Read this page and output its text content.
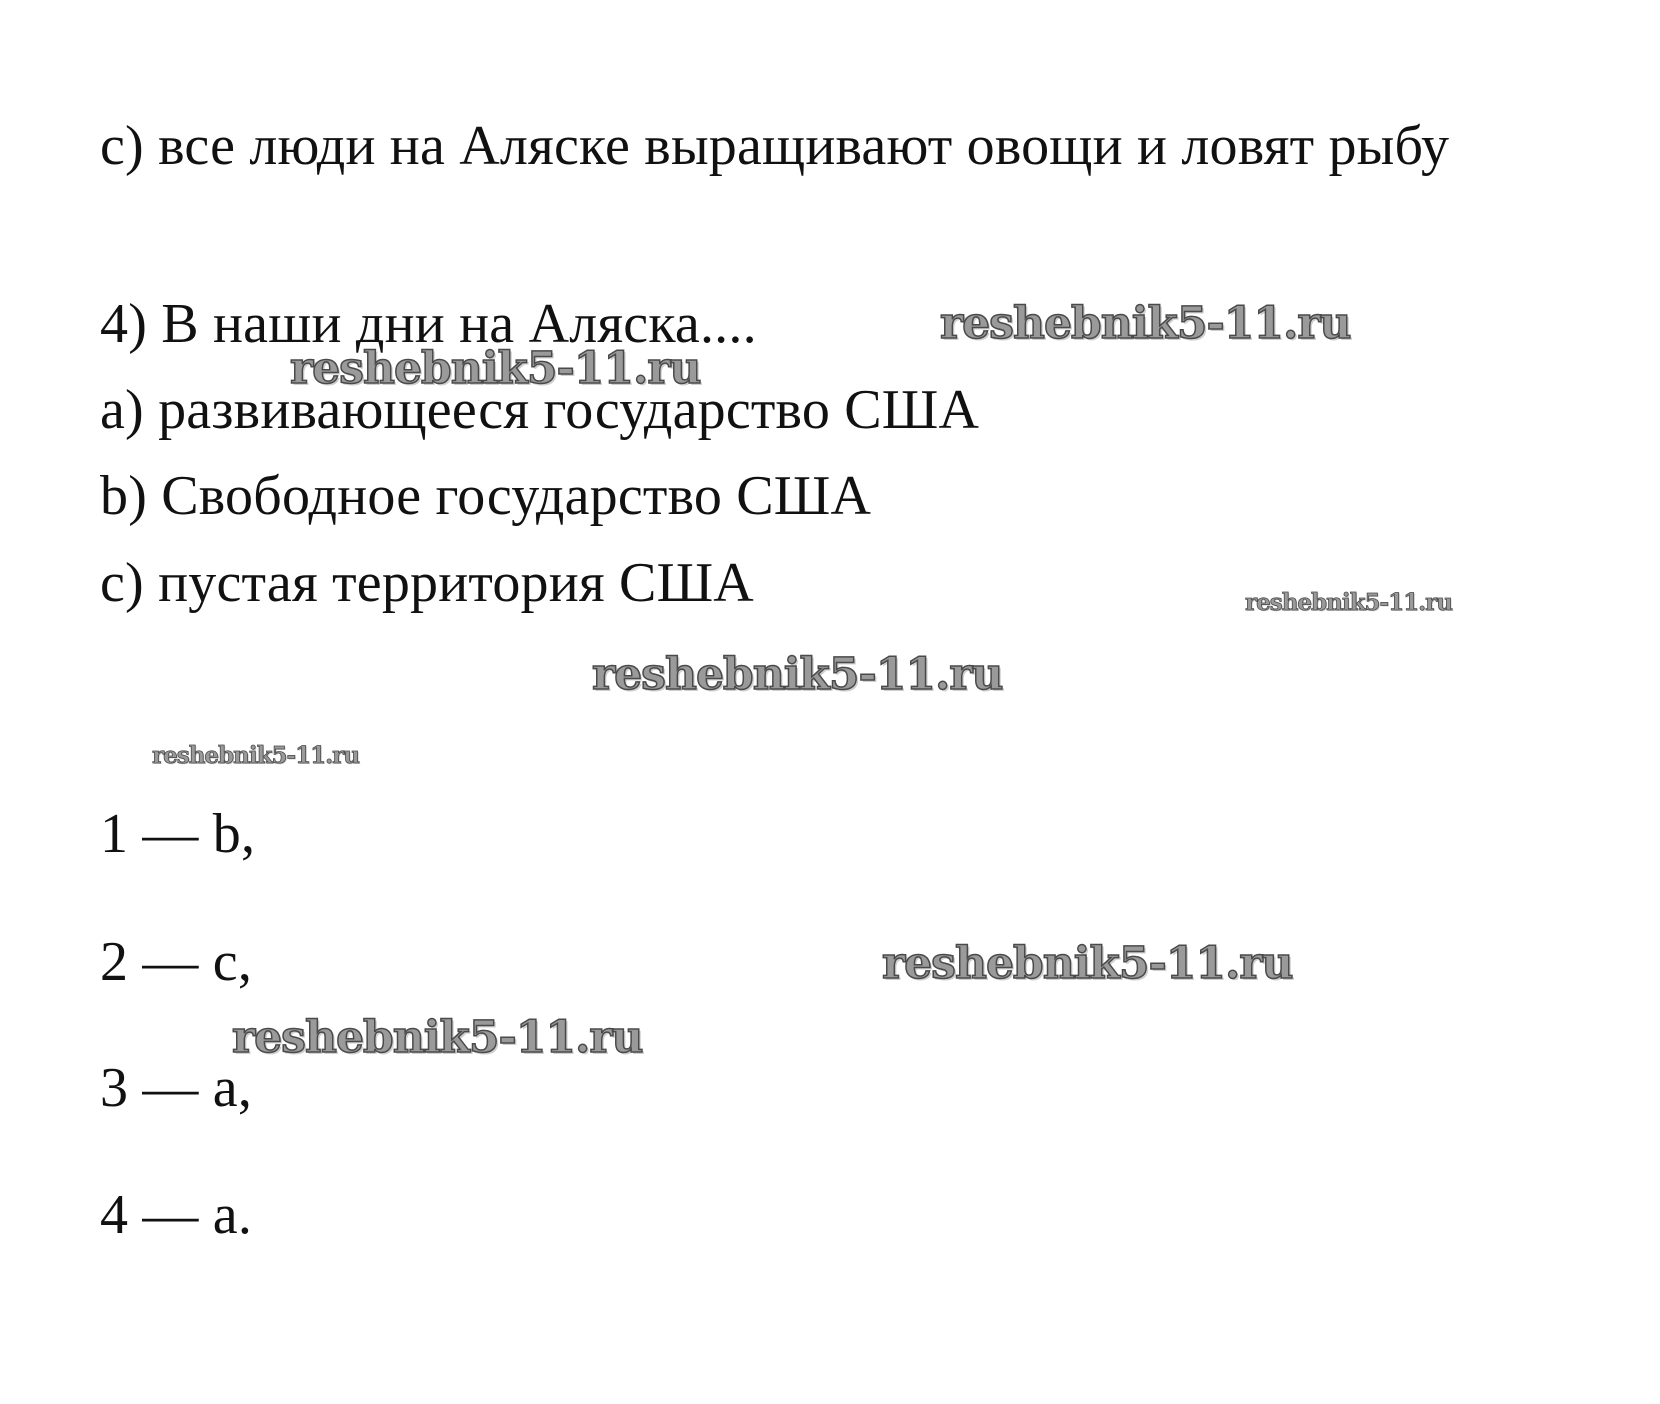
c) все люди на Аляске выращивают овощи и ловят рыбу
4) В наши дни на Аляска....
a) развивающееся государство США
b) Свободное государство США
c) пустая территория США
1 — b,
2 — c,
3 — a,
4 — a.
reshebnik5-11.ru
reshebnik5-11.ru
reshebnik5-11.ru
reshebnik5-11.ru
reshebnik5-11.ru
reshebnik5-11.ru
reshebnik5-11.ru
